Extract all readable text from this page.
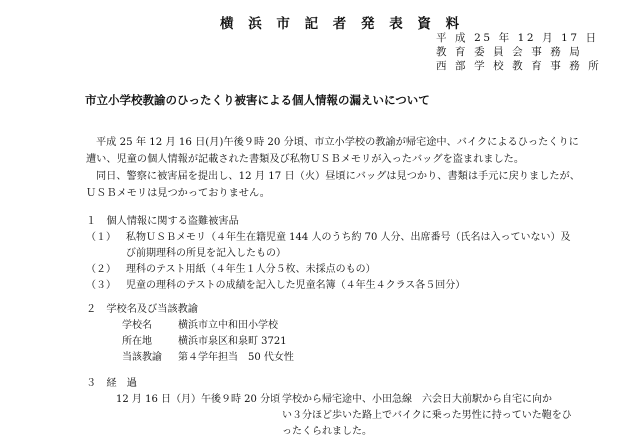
横 浜 市 記 者 発 表 資 料
平 成 25 年 12 月 17 日
教 育 委 員 会 事 務 局
西 部 学 校 教 育 事 務 所
市立小学校教諭のひったくり被害による個人情報の漏えいについて
平成 25 年 12 月 16 日(月)午後９時 20 分頃、市立小学校の教諭が帰宅途中、バイクによるひったくりに
遭い、児童の個人情報が記載された書類及び私物ＵＳＢメモリが入ったバッグを盗まれました。
同日、警察に被害届を提出し、12 月 17 日（火）昼頃にバッグは見つかり、書類は手元に戻りましたが、
ＵＳＢメモリは見つかっておりません。
１　個人情報に関する盗難被害品
（１） 私物ＵＳＢメモリ（４年生在籍児童 144 人のうち約 70 人分、出席番号（氏名は入っていない）及
び前期理科の所見を記入したもの）
（２） 理科のテスト用紙（４年生１人分５枚、未採点のもの）
（３） 児童の理科のテストの成績を記入した児童名簿（４年生４クラス各５回分）
２　学校名及び当該教諭
学校名	横浜市立中和田小学校
所在地	横浜市泉区和泉町 3721
当該教諭 第４学年担当　50 代女性
３　経　過
12 月 16 日（月）午後９時 20 分頃 学校から帰宅途中、小田急線　六会日大前駅から自宅に向か
い３分ほど歩いた路上でバイクに乗った男性に持っていた鞄をひ
ったくられました。
